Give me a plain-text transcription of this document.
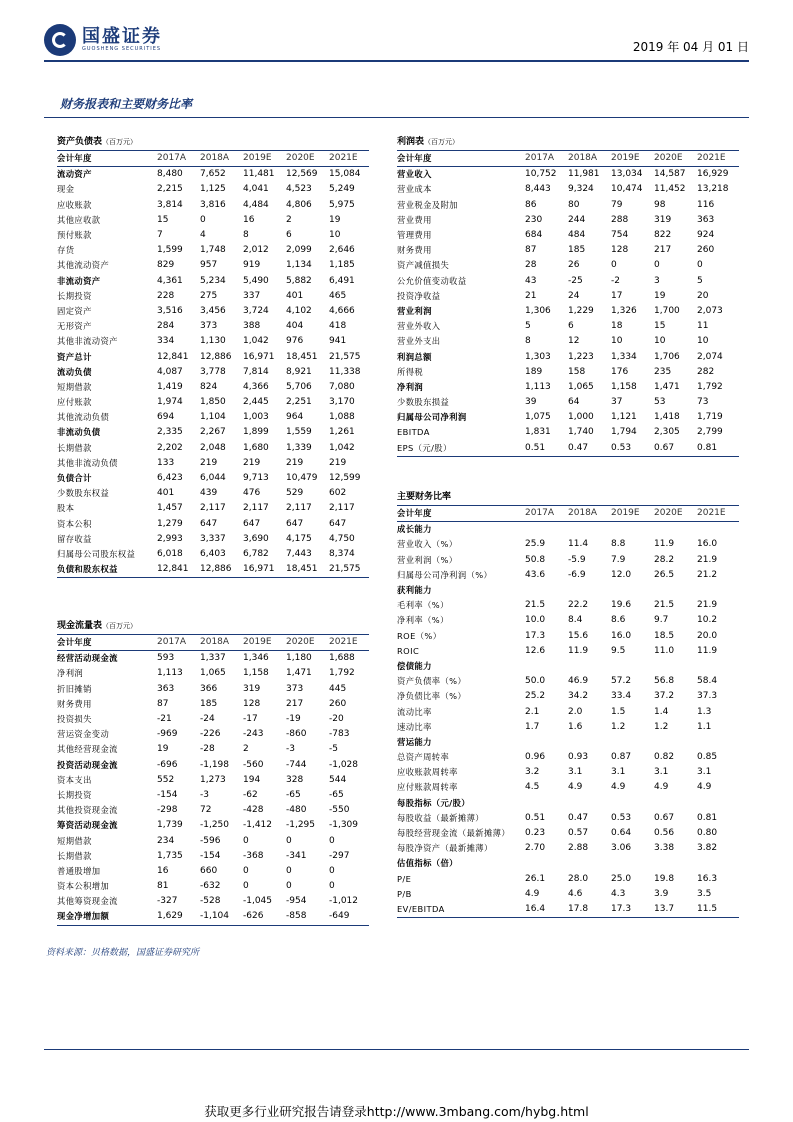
国盛证券
GUOSHENG SECURITIES	2019 年 04 月 01 日
财务报表和主要财务比率
资产负债表（百万元）					
会计年度	2017A	2018A	2019E	2020E	2021E
流动资产	8,480	7,652	11,481	12,569	15,084
现金	2,215	1,125	4,041	4,523	5,249
应收账款	3,814	3,816	4,484	4,806	5,975
其他应收款	15	0	16	2	19
预付账款	7	4	8	6	10
存货	1,599	1,748	2,012	2,099	2,646
其他流动资产	829	957	919	1,134	1,185
非流动资产	4,361	5,234	5,490	5,882	6,491
长期投资	228	275	337	401	465
固定资产	3,516	3,456	3,724	4,102	4,666
无形资产	284	373	388	404	418
其他非流动资产	334	1,130	1,042	976	941
资产总计	12,841	12,886	16,971	18,451	21,575
流动负债	4,087	3,778	7,814	8,921	11,338
短期借款	1,419	824	4,366	5,706	7,080
应付账款	1,974	1,850	2,445	2,251	3,170
其他流动负债	694	1,104	1,003	964	1,088
非流动负债	2,335	2,267	1,899	1,559	1,261
长期借款	2,202	2,048	1,680	1,339	1,042
其他非流动负债	133	219	219	219	219
负债合计	6,423	6,044	9,713	10,479	12,599
少数股东权益	401	439	476	529	602
股本	1,457	2,117	2,117	2,117	2,117
资本公积	1,279	647	647	647	647
留存收益	2,993	3,337	3,690	4,175	4,750
归属母公司股东权益	6,018	6,403	6,782	7,443	8,374
负债和股东权益	12,841	12,886	16,971	18,451	21,575
现金流量表（百万元）					
会计年度	2017A	2018A	2019E	2020E	2021E
经营活动现金流	593	1,337	1,346	1,180	1,688
净利润	1,113	1,065	1,158	1,471	1,792
折旧摊销	363	366	319	373	445
财务费用	87	185	128	217	260
投资损失	-21	-24	-17	-19	-20
营运资金变动	-969	-226	-243	-860	-783
其他经营现金流	19	-28	2	-3	-5
投资活动现金流	-696	-1,198	-560	-744	-1,028
资本支出	552	1,273	194	328	544
长期投资	-154	-3	-62	-65	-65
其他投资现金流	-298	72	-428	-480	-550
筹资活动现金流	1,739	-1,250	-1,412	-1,295	-1,309
短期借款	234	-596	0	0	0
长期借款	1,735	-154	-368	-341	-297
普通股增加	16	660	0	0	0
资本公积增加	81	-632	0	0	0
其他筹资现金流	-327	-528	-1,045	-954	-1,012
现金净增加额	1,629	-1,104	-626	-858	-649
利润表（百万元）					
会计年度	2017A	2018A	2019E	2020E	2021E
营业收入	10,752	11,981	13,034	14,587	16,929
营业成本	8,443	9,324	10,474	11,452	13,218
营业税金及附加	86	80	79	98	116
营业费用	230	244	288	319	363
管理费用	684	484	754	822	924
财务费用	87	185	128	217	260
资产减值损失	28	26	0	0	0
公允价值变动收益	43	-25	-2	3	5
投资净收益	21	24	17	19	20
营业利润	1,306	1,229	1,326	1,700	2,073
营业外收入	5	6	18	15	11
营业外支出	8	12	10	10	10
利润总额	1,303	1,223	1,334	1,706	2,074
所得税	189	158	176	235	282
净利润	1,113	1,065	1,158	1,471	1,792
少数股东损益	39	64	37	53	73
归属母公司净利润	1,075	1,000	1,121	1,418	1,719
EBITDA	1,831	1,740	1,794	2,305	2,799
EPS（元/股）	0.51	0.47	0.53	0.67	0.81
主要财务比率					
会计年度	2017A	2018A	2019E	2020E	2021E
成长能力					
营业收入（%）	25.9	11.4	8.8	11.9	16.0
营业利润（%）	50.8	-5.9	7.9	28.2	21.9
归属母公司净利润（%）	43.6	-6.9	12.0	26.5	21.2
获利能力					
毛利率（%）	21.5	22.2	19.6	21.5	21.9
净利率（%）	10.0	8.4	8.6	9.7	10.2
ROE（%）	17.3	15.6	16.0	18.5	20.0
ROIC	12.6	11.9	9.5	11.0	11.9
偿债能力					
资产负债率（%）	50.0	46.9	57.2	56.8	58.4
净负债比率（%）	25.2	34.2	33.4	37.2	37.3
流动比率	2.1	2.0	1.5	1.4	1.3
速动比率	1.7	1.6	1.2	1.2	1.1
营运能力					
总资产周转率	0.96	0.93	0.87	0.82	0.85
应收账款周转率	3.2	3.1	3.1	3.1	3.1
应付账款周转率	4.5	4.9	4.9	4.9	4.9
每股指标（元/股）					
每股收益（最新摊薄）	0.51	0.47	0.53	0.67	0.81
每股经营现金流（最新摊薄）	0.23	0.57	0.64	0.56	0.80
每股净资产（最新摊薄）	2.70	2.88	3.06	3.38	3.82
估值指标（倍）					
P/E	26.1	28.0	25.0	19.8	16.3
P/B	4.9	4.6	4.3	3.9	3.5
EV/EBITDA	16.4	17.8	17.3	13.7	11.5
资料来源：贝格数据，国盛证券研究所
获取更多行业研究报告请登录http://www.3mbang.com/hybg.html
